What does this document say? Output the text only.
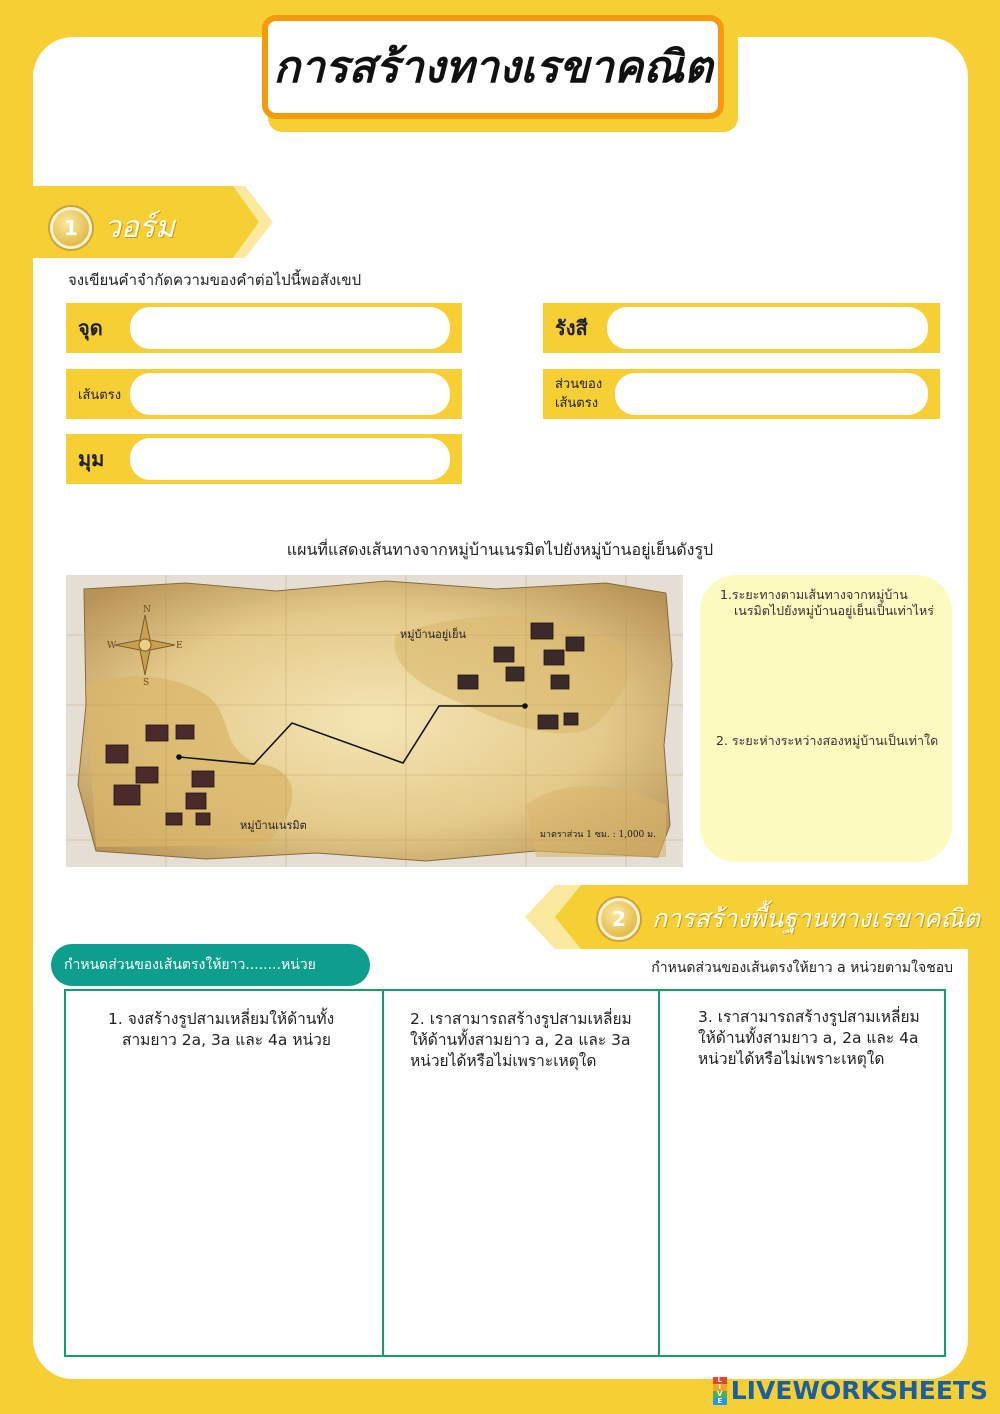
การสร้างทางเรขาคณิต
1 วอร์ม
จงเขียนคำจำกัดความของคำต่อไปนี้พอสังเขป
จุด
เส้นตรง
มุม
รังสี
ส่วนของ
เส้นตรง
แผนที่แสดงเส้นทางจากหมู่บ้านเนรมิตไปยังหมู่บ้านอยู่เย็นดังรูป
N
E
S
W
หมู่บ้านอยู่เย็น
หมู่บ้านเนรมิต
มาตราส่วน 1 ซม. : 1,000 ม.
1.ระยะทางตามเส้นทางจากหมู่บ้าน
เนรมิตไปยังหมู่บ้านอยู่เย็นเป็นเท่าไหร่
2. ระยะห่างระหว่างสองหมู่บ้านเป็นเท่าใด
2	การสร้างพื้นฐานทางเรขาคณิต
กำหนดส่วนของเส้นตรงให้ยาว........หน่วย	กำหนดส่วนของเส้นตรงให้ยาว a หน่วยตามใจชอบ
1. จงสร้างรูปสามเหลี่ยมให้ด้านทั้ง
สามยาว 2a, 3a และ 4a หน่วย
2. เราสามารถสร้างรูปสามเหลี่ยม
ให้ด้านทั้งสามยาว a, 2a และ 3a
หน่วยได้หรือไม่เพราะเหตุใด
3. เราสามารถสร้างรูปสามเหลี่ยม
ให้ด้านทั้งสามยาว a, 2a และ 4a
หน่วยได้หรือไม่เพราะเหตุใด
L
I
V
E LIVEWORKSHEETS
